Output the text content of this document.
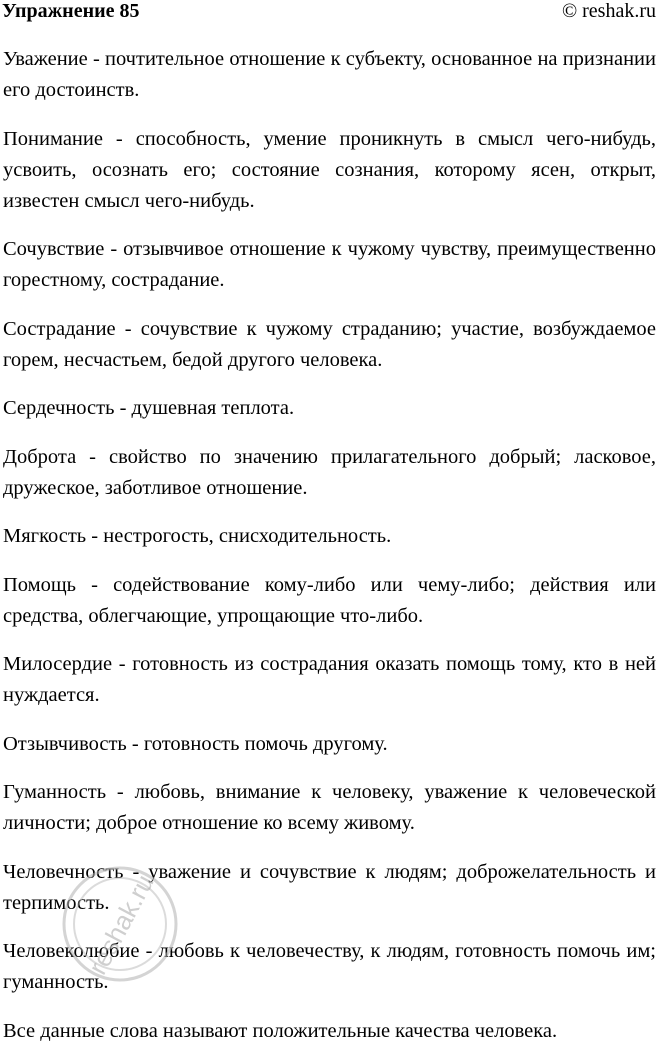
Упражнение 85	© reshak.ru

Уважение - почтительное отношение к субъекту, основанное на признании его достоинств.

Понимание - способность, умение проникнуть в смысл чего-нибудь, усвоить, осознать его; состояние сознания, которому ясен, открыт, известен смысл чего-нибудь.

Сочувствие - отзывчивое отношение к чужому чувству, преимущественно горестному, сострадание.

Сострадание - сочувствие к чужому страданию; участие, возбуждаемое горем, несчастьем, бедой другого человека.

Сердечность - душевная теплота.

Доброта - свойство по значению прилагательного добрый; ласковое, дружеское, заботливое отношение.

Мягкость - нестрогость, снисходительность.

Помощь - содействование кому-либо или чему-либо; действия или средства, облегчающие, упрощающие что-либо.

Милосердие - готовность из сострадания оказать помощь тому, кто в ней нуждается.

Отзывчивость - готовность помочь другому.

Гуманность - любовь, внимание к человеку, уважение к человеческой личности; доброе отношение ко всему живому.

Человечность - уважение и сочувствие к людям; доброжелательность и терпимость.

Человеколюбие - любовь к человечеству, к людям, готовность помочь им; гуманность.

Все данные слова называют положительные качества человека.

reshak.ru
